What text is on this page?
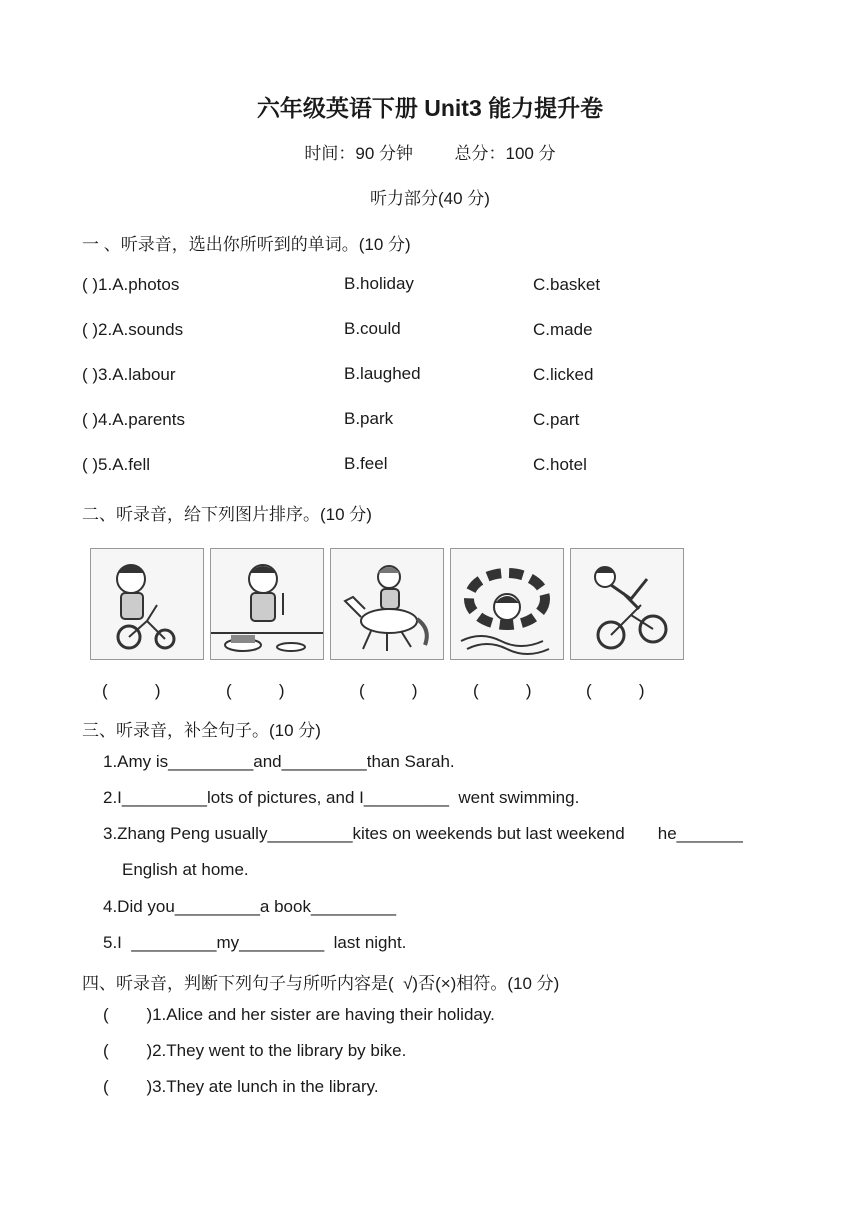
六年级英语下册 Unit3 能力提升卷
时间：90 分钟 总分：100 分
听力部分(40 分)
一 、听录音，选出你所听到的单词。(10 分)
( )1.A.photos	B.holiday	C.basket
( )2.A.sounds	B.could	C.made
( )3.A.labour	B.laughed	C.licked
( )4.A.parents	B.park	C.part
( )5.A.fell	B.feel	C.hotel
二、听录音，给下列图片排序。(10 分)
(          )	(          )	(          )	(          )	(          )
三、听录音，补全句子。(10 分)
1.Amy is_________and_________than Sarah.
2.I_________lots of pictures, and I_________  went swimming.
3.Zhang Peng usually_________kites on weekends but last weekend       he_______
English at home.
4.Did you_________a book_________
5.I  _________my_________  last night.
四、听录音，判断下列句子与所听内容是(  √)否(×)相符。(10 分)
(        )1.Alice and her sister are having their holiday.
(        )2.They went to the library by bike.
(        )3.They ate lunch in the library.
